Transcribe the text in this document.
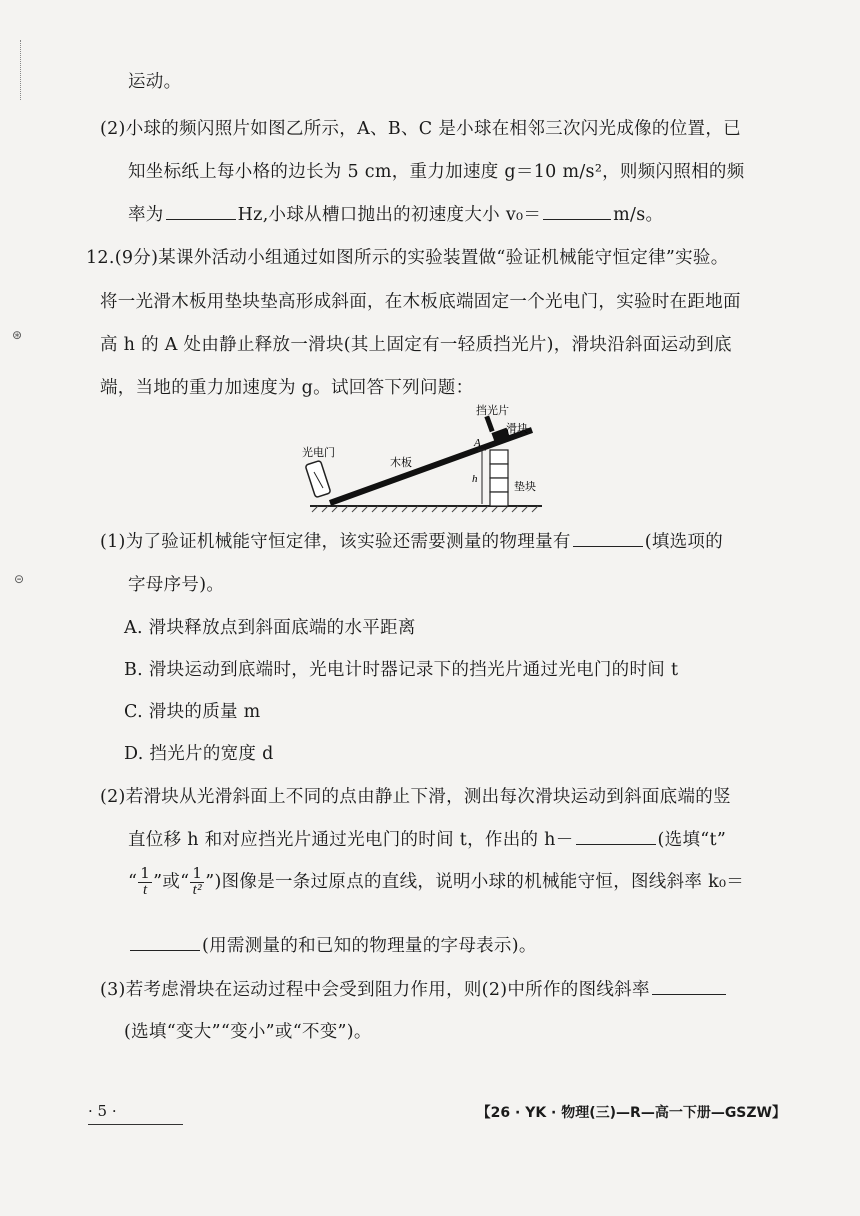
⊛
⊝
运动。
(2)小球的频闪照片如图乙所示，A、B、C 是小球在相邻三次闪光成像的位置，已
知坐标纸上每小格的边长为 5 cm，重力加速度 g＝10 m/s²，则频闪照相的频
率为	Hz,小球从槽口抛出的初速度大小 v₀＝	m/s。
12.(9分)某课外活动小组通过如图所示的实验装置做“验证机械能守恒定律”实验。
将一光滑木板用垫块垫高形成斜面，在木板底端固定一个光电门，实验时在距地面
高 h 的 A 处由静止释放一滑块(其上固定有一轻质挡光片)，滑块沿斜面运动到底
端，当地的重力加速度为 g。试回答下列问题：
挡光片
滑块
光电门
木板
垫块
A
h
(1)为了验证机械能守恒定律，该实验还需要测量的物理量有	(填选项的
字母序号)。
A. 滑块释放点到斜面底端的水平距离
B. 滑块运动到底端时，光电计时器记录下的挡光片通过光电门的时间 t
C. 滑块的质量 m
D. 挡光片的宽度 d
(2)若滑块从光滑斜面上不同的点由静止下滑，测出每次滑块运动到斜面底端的竖
直位移 h 和对应挡光片通过光电门的时间 t，作出的 h－	(选填“t”
“ $\frac{1}{t}$ ”或“ $\frac{1}{\text{t²}}$ ”)图像是一条过原点的直线，说明小球的机械能守恒，图线斜率 k₀＝
(用需测量的和已知的物理量的字母表示)。
(3)若考虑滑块在运动过程中会受到阻力作用，则(2)中所作的图线斜率
(选填“变大”“变小”或“不变”)。
· 5 ·	【26 · YK · 物理(三)—R—高一下册—GSZW】
